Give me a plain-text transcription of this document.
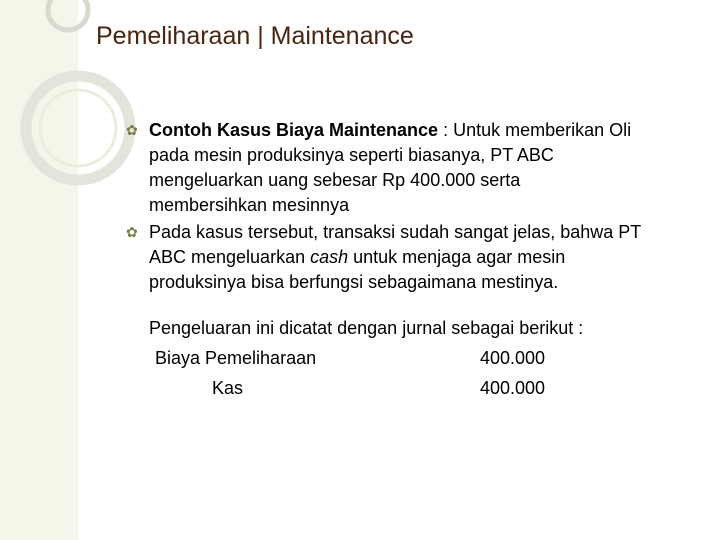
Pemeliharaan | Maintenance
✿ Contoh Kasus Biaya Maintenance : Untuk memberikan Oli
pada mesin produksinya seperti biasanya, PT ABC
mengeluarkan uang sebesar Rp 400.000 serta
membersihkan mesinnya
✿ Pada kasus tersebut, transaksi sudah sangat jelas, bahwa PT
ABC mengeluarkan cash untuk menjaga agar mesin
produksinya bisa berfungsi sebagaimana mestinya.
Pengeluaran ini dicatat dengan jurnal sebagai berikut :
Biaya Pemeliharaan	400.000
Kas	400.000
